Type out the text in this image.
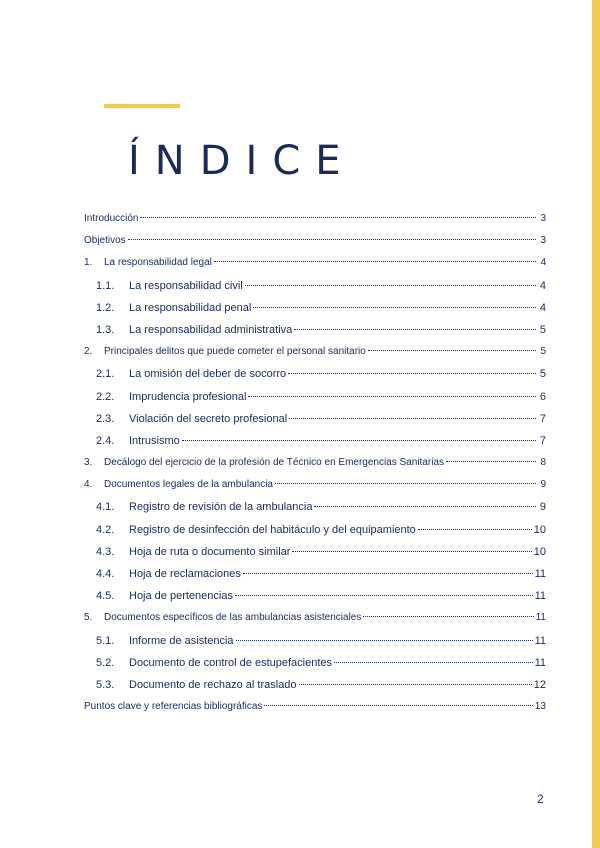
ÍNDICE
Introducción	3
Objetivos	3
1.	La responsabilidad legal	4
1.1.	La responsabilidad civil	4
1.2.	La responsabilidad penal	4
1.3.	La responsabilidad administrativa	5
2.	Principales delitos que puede cometer el personal sanitario	5
2.1.	La omisión del deber de socorro	5
2.2.	Imprudencia profesional	6
2.3.	Violación del secreto profesional	7
2.4.	Intrusismo	7
3.	Decálogo del ejercicio de la profesión de Técnico en Emergencias Sanitarias	8
4.	Documentos legales de la ambulancia	9
4.1.	Registro de revisión de la ambulancia	9
4.2.	Registro de desinfección del habitáculo y del equipamiento	10
4.3.	Hoja de ruta o documento similar	10
4.4.	Hoja de reclamaciones	11
4.5.	Hoja de pertenencias	11
5.	Documentos específicos de las ambulancias asistenciales	11
5.1.	Informe de asistencia	11
5.2.	Documento de control de estupefacientes	11
5.3.	Documento de rechazo al traslado	12
Puntos clave y referencias bibliográficas	13
2
